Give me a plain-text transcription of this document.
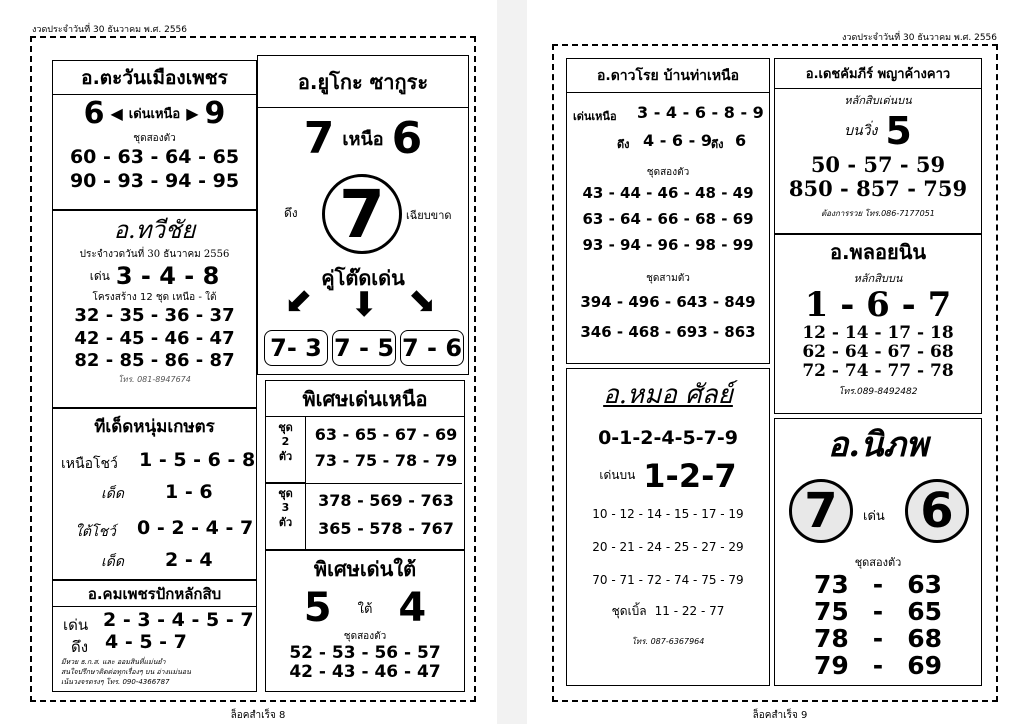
งวดประจำวันที่ 30 ธันวาคม พ.ศ. 2556
อ.ตะวันเมืองเพชร
6 ◀ เด่นเหนือ ▶ 9
ชุดสองตัว
60 - 63 - 64 - 65
90 - 93 - 94 - 95
อ.ทวีชัย
ประจำงวดวันที่ 30 ธันวาคม 2556
เด่น 3 - 4 - 8
โครงสร้าง 12 ชุด เหนือ - ใต้
32 - 35 - 36 - 37
42 - 45 - 46 - 47
82 - 85 - 86 - 87
โทร. 081-8947674
ทีเด็ดหนุ่มเกษตร
เหนือโชว์ 1 - 5 - 6 - 8
เด็ด 1 - 6
ใต้โชว์ 0 - 2 - 4 - 7
เด็ด 2 - 4
อ.คมเพชรปักหลักสิบ
เด่น 2 - 3 - 4 - 5 - 7
ดึง 4 - 5 - 7
มีหวย ธ.ก.ส. และ ออมสินที่แม่นยำ
สนใจปรึกษาติดต่อทุกเรื่องๆ บน อ่างแม่นอน
เน้นวงจรตรงๆ โทร. 090-4366787
อ.ยูโกะ ซากูระ
7 เหนือ 6
ดึง 7	เฉียบขาด
คู่โต๊ดเด่น
⬋ ⬇ ⬊
7- 3 7 - 5 7 - 6
พิเศษเด่นเหนือ
ชุด
2
ตัว
63 - 65 - 67 - 69
73 - 75 - 78 - 79
ชุด
3
ตัว
378 - 569 - 763
365 - 578 - 767
พิเศษเด่นใต้
5 ใต้ 4
ชุดสองตัว
52 - 53 - 56 - 57
42 - 43 - 46 - 47
ล็อคสำเร็จ 8
งวดประจำวันที่ 30 ธันวาคม พ.ศ. 2556
อ.ดาวโรย บ้านท่าเหนือ
เด่นเหนือ 3 - 4 - 6 - 8 - 9
ดึง 4 - 6 - 9 ดึง 6
ชุดสองตัว
43 - 44 - 46 - 48 - 49
63 - 64 - 66 - 68 - 69
93 - 94 - 96 - 98 - 99
ชุดสามตัว
394 - 496 - 643 - 849
346 - 468 - 693 - 863
อ.เดชคัมภีร์ พญาค้างคาว
หลักสิบเด่นบน
บนวิ่ง 5
50 - 57 - 59
850 - 857 - 759
ต้องการรวย โทร.086-7177051
อ.พลอยนิน
หลักสิบบน
1 - 6 - 7
12 - 14 - 17 - 18
62 - 64 - 67 - 68
72 - 74 - 77 - 78
โทร.089-8492482
อ.หมอ ศัลย์
0-1-2-4-5-7-9
เด่นบน 1-2-7
10 - 12 - 14 - 15 - 17 - 19
20 - 21 - 24 - 25 - 27 - 29
70 - 71 - 72 - 74 - 75 - 79
ชุดเบิ้ล 11 - 22 - 77
โทร. 087-6367964
อ.นิภพ
7	เด่น 6
ชุดสองตัว
73 - 63
75 - 65
78 - 68
79 - 69
ล็อคสำเร็จ 9
